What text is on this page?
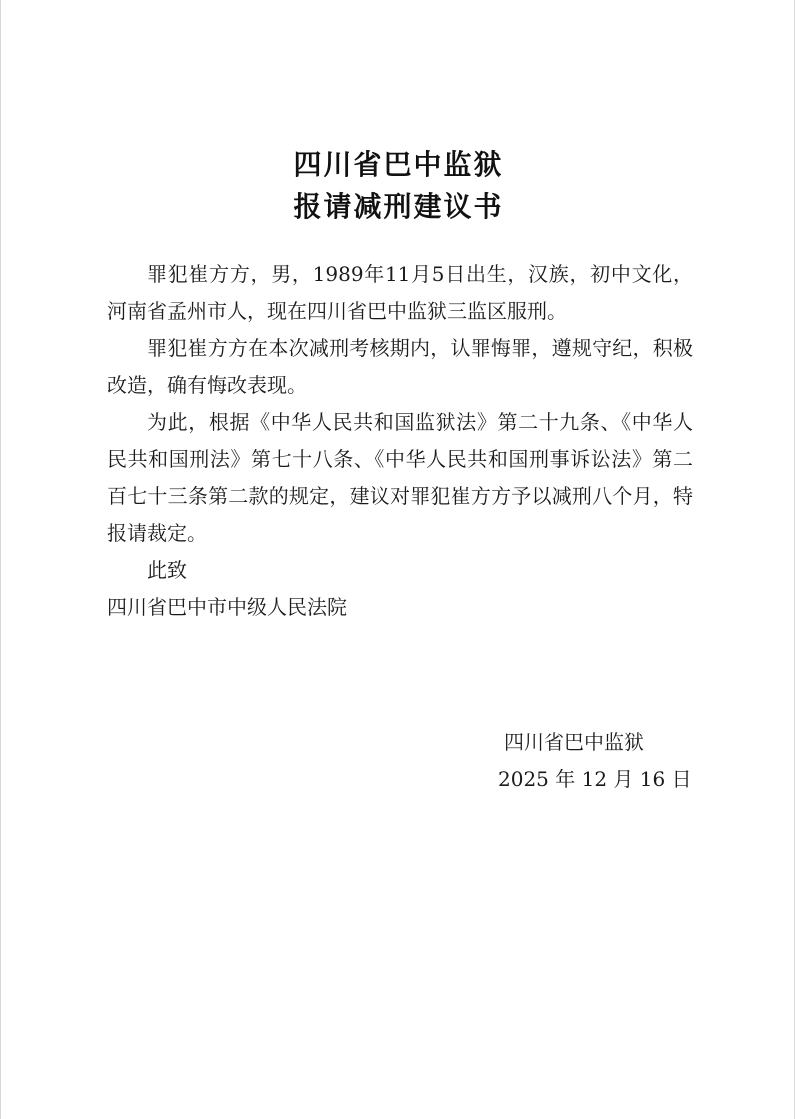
四川省巴中监狱
报请减刑建议书

罪犯崔方方，男，1989年11月5日出生，汉族，初中文化，河南省孟州市人，现在四川省巴中监狱三监区服刑。

罪犯崔方方在本次减刑考核期内，认罪悔罪，遵规守纪，积极改造，确有悔改表现。

为此，根据《中华人民共和国监狱法》第二十九条、《中华人民共和国刑法》第七十八条、《中华人民共和国刑事诉讼法》第二百七十三条第二款的规定，建议对罪犯崔方方予以减刑八个月，特报请裁定。

此致

四川省巴中市中级人民法院

四川省巴中监狱
2025 年 12 月 16 日
